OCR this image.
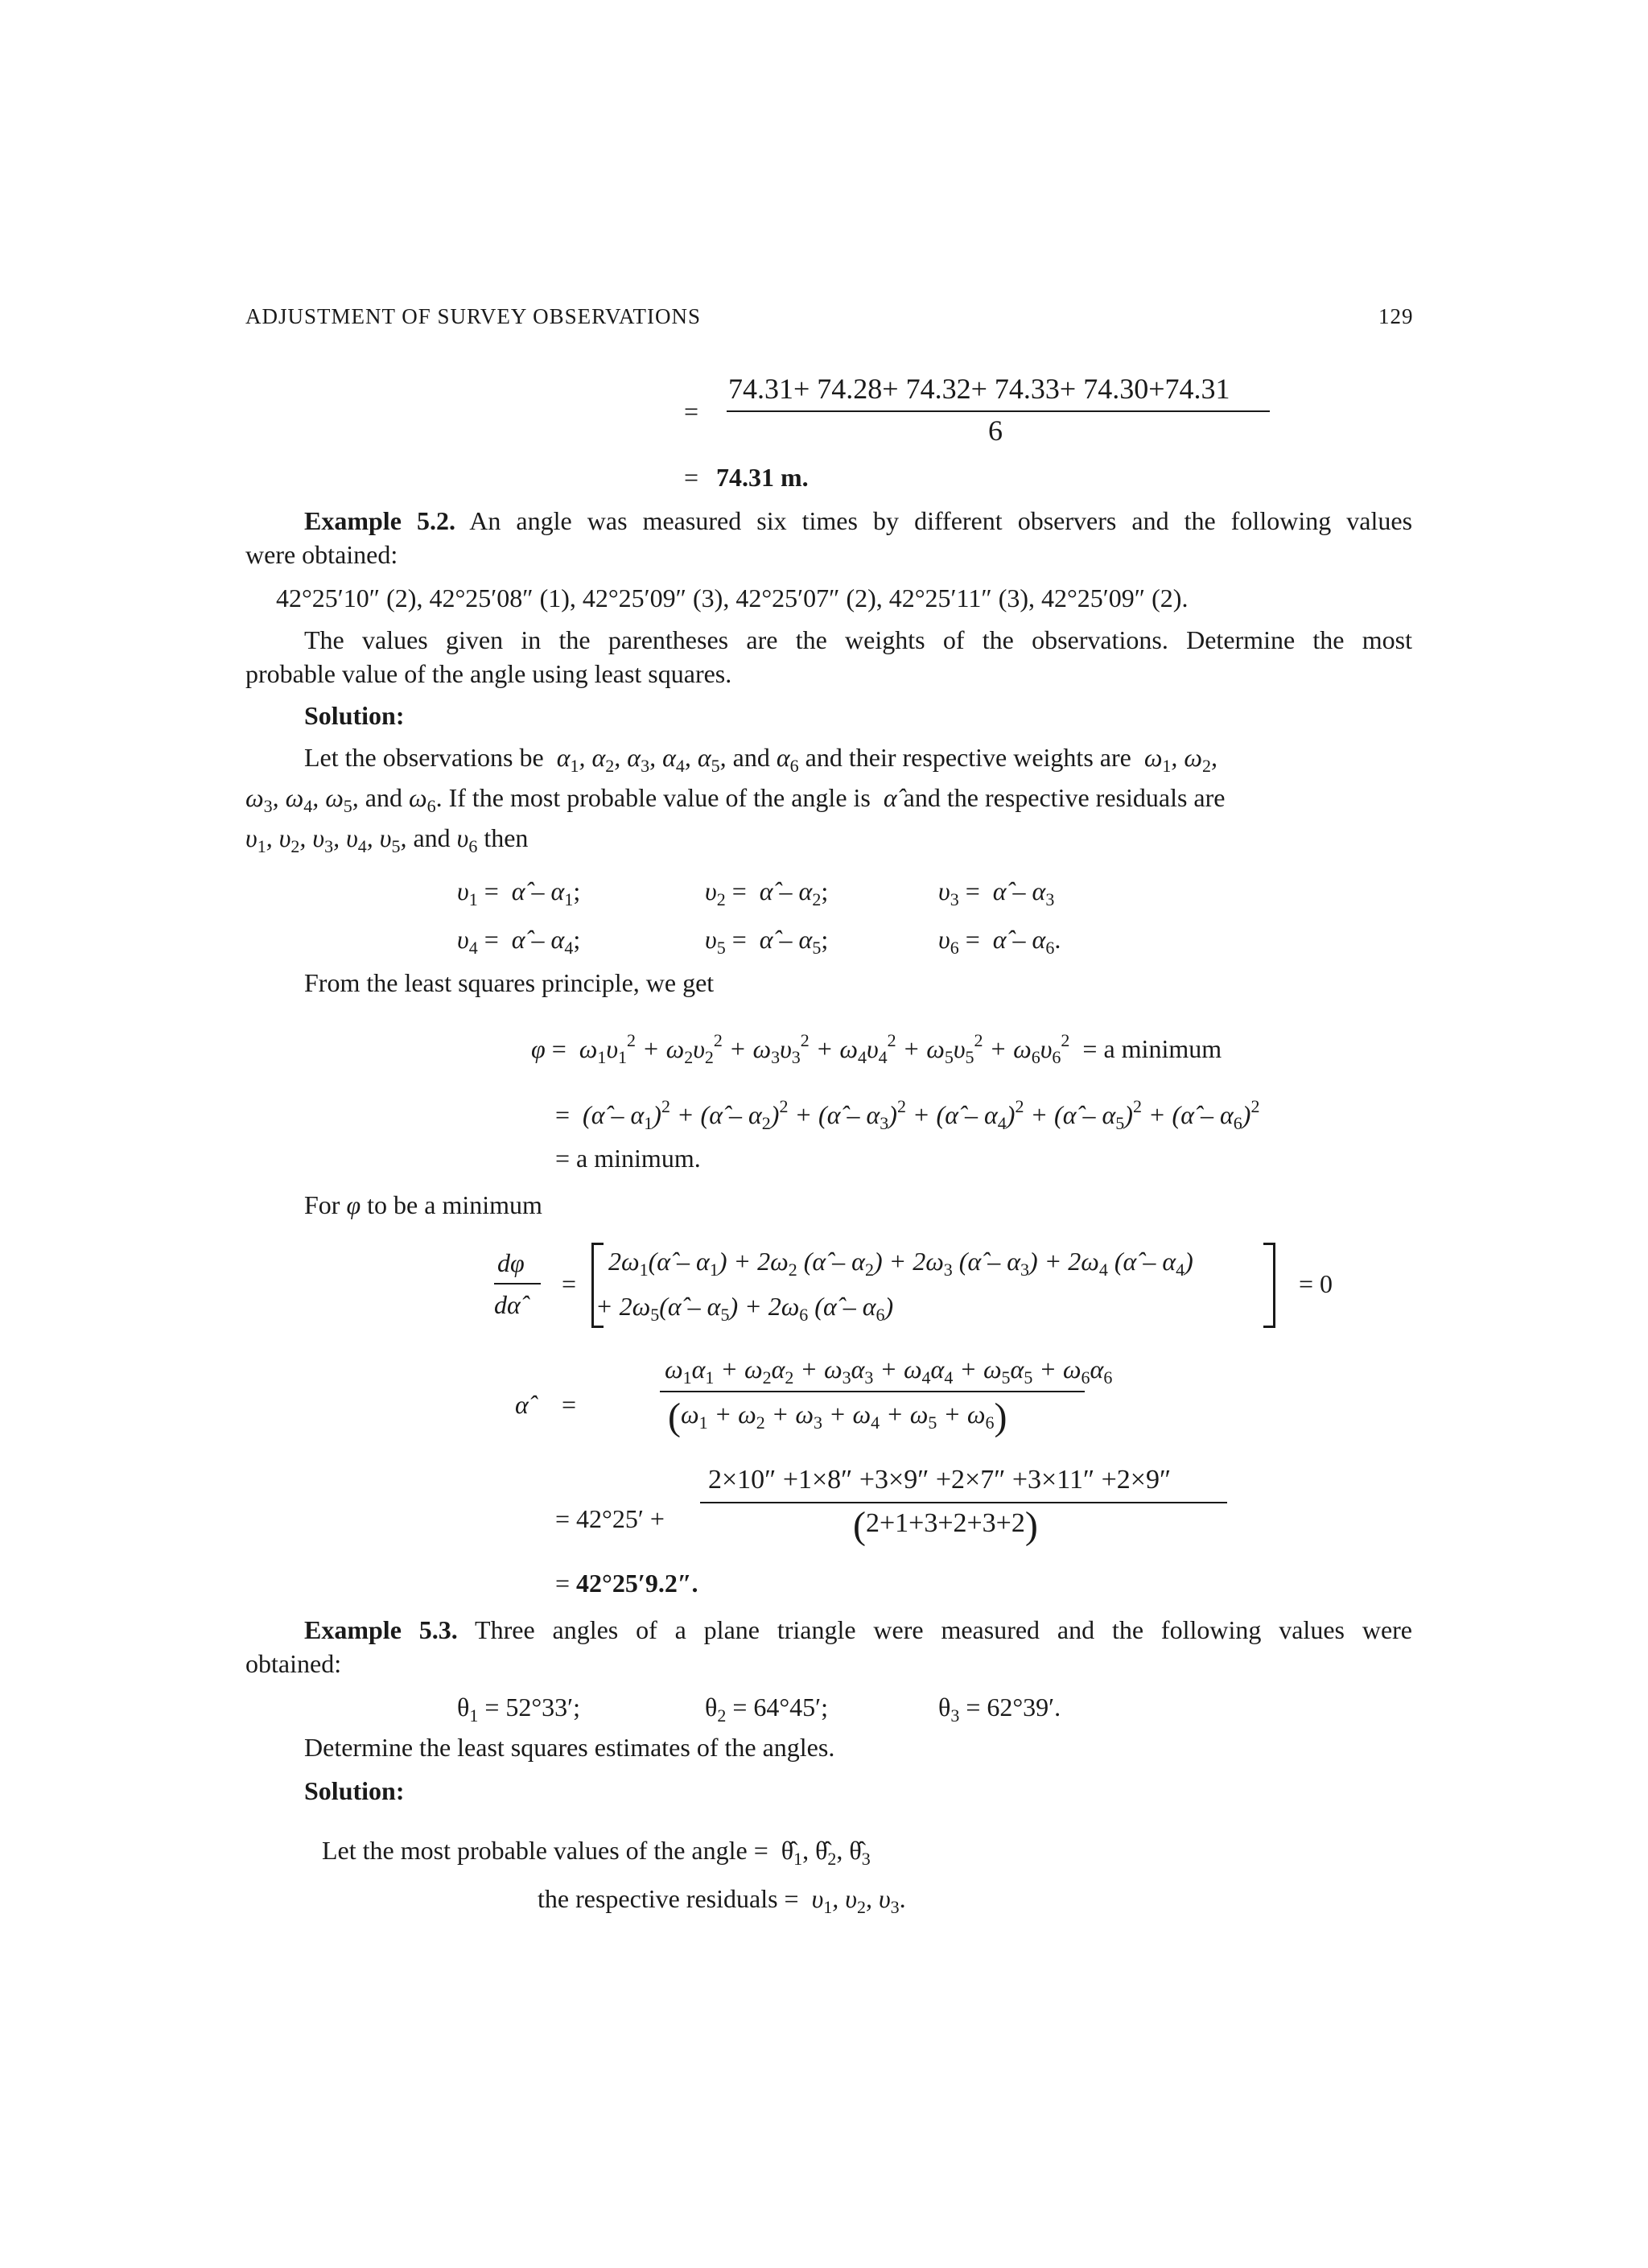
ADJUSTMENT OF SURVEY OBSERVATIONS	129
=
74.31+ 74.28+ 74.32+ 74.33+ 74.30+74.31
6
= 74.31 m.
Example 5.2. An angle was measured six times by different observers and the following values
were obtained:
42°25′10″ (2), 42°25′08″ (1), 42°25′09″ (3), 42°25′07″ (2), 42°25′11″ (3), 42°25′09″ (2).
The values given in the parentheses are the weights of the observations. Determine the most
probable value of the angle using least squares.
Solution:
Let the observations be $\alpha_1$, $\alpha_2$, $\alpha_3$, $\alpha_4$, $\alpha_5$, and $\alpha_6$ and their respective weights are $\omega_1$, $\omega_2$,
$\omega_3$, $\omega_4$, $\omega_5$, and $\omega_6$. If the most probable value of the angle is α̂ and the respective residuals are
$\upsilon_1$, $\upsilon_2$, $\upsilon_3$, $\upsilon_4$, $\upsilon_5$, and $\upsilon_6$ then
$\upsilon_1$ =  α̂ – $\alpha_1$;	$\upsilon_2$ =  α̂ – $\alpha_2$;	$\upsilon_3$ =  α̂ – $\alpha_3$
$\upsilon_4$ =  α̂ – $\alpha_4$;	$\upsilon_5$ =  α̂ – $\alpha_5$;	$\upsilon_6$ =  α̂ – $\alpha_6$.
From the least squares principle, we get
$\varphi = \omega_1\upsilon_1^2 + \omega_2\upsilon_2^2 + \omega_3\upsilon_3^2 + \omega_4\upsilon_4^2 + \omega_5\upsilon_5^2 + \omega_6\upsilon_6^2 = a$ minimum
=  (α̂ – $\alpha_1)^2$ + (α̂ – $\alpha_2)^2$ + (α̂ – $\alpha_3)^2$ + (α̂ – $\alpha_4)^2$ + (α̂ – $\alpha_5)^2$ + (α̂ – $\alpha_6)^2$
= a minimum.
For φ to be a minimum
dφ
dα̂
=
$2\omega_1(\alphâ - \alpha_1) + 2\omega_2$ (α̂ – $\alpha_2) + 2\omega_3$ (α̂ – $\alpha_3) + 2\omega_4$ (α̂ – $\alpha_4$)
+ $2\omega_5(\alphâ - \alpha_5) + 2\omega_6$ (α̂ – $\alpha_6$)
= 0
α̂ =
$\omega_1\alpha_1 + \omega_2\alpha_2 + \omega_3\alpha_3 + \omega_4\alpha_4 + \omega_5\alpha_5 + \omega_6\alpha_6$
$(\omega_1 + \omega_2 + \omega_3 + \omega_4 + \omega_5 + \omega_6)$
= 42°25′ +
2×10″ +1×8″ +3×9″ +2×7″ +3×11″ +2×9″
(2+1+3+2+3+2)
= 42°25′9.2″.
Example 5.3. Three angles of a plane triangle were measured and the following values were
obtained:
$\theta_1 = 52^\circ 33'$;	$\theta_2 = 64^\circ 45'$;	$\theta_3 = 62^\circ 39'$.
Determine the least squares estimates of the angles.
Solution:
Let the most probable values of the angle =  $\thetâ_1$, $\thetâ_2$, $\thetâ_3$
the respective residuals = $\upsilon_1$, $\upsilon_2$, $\upsilon_3$.
